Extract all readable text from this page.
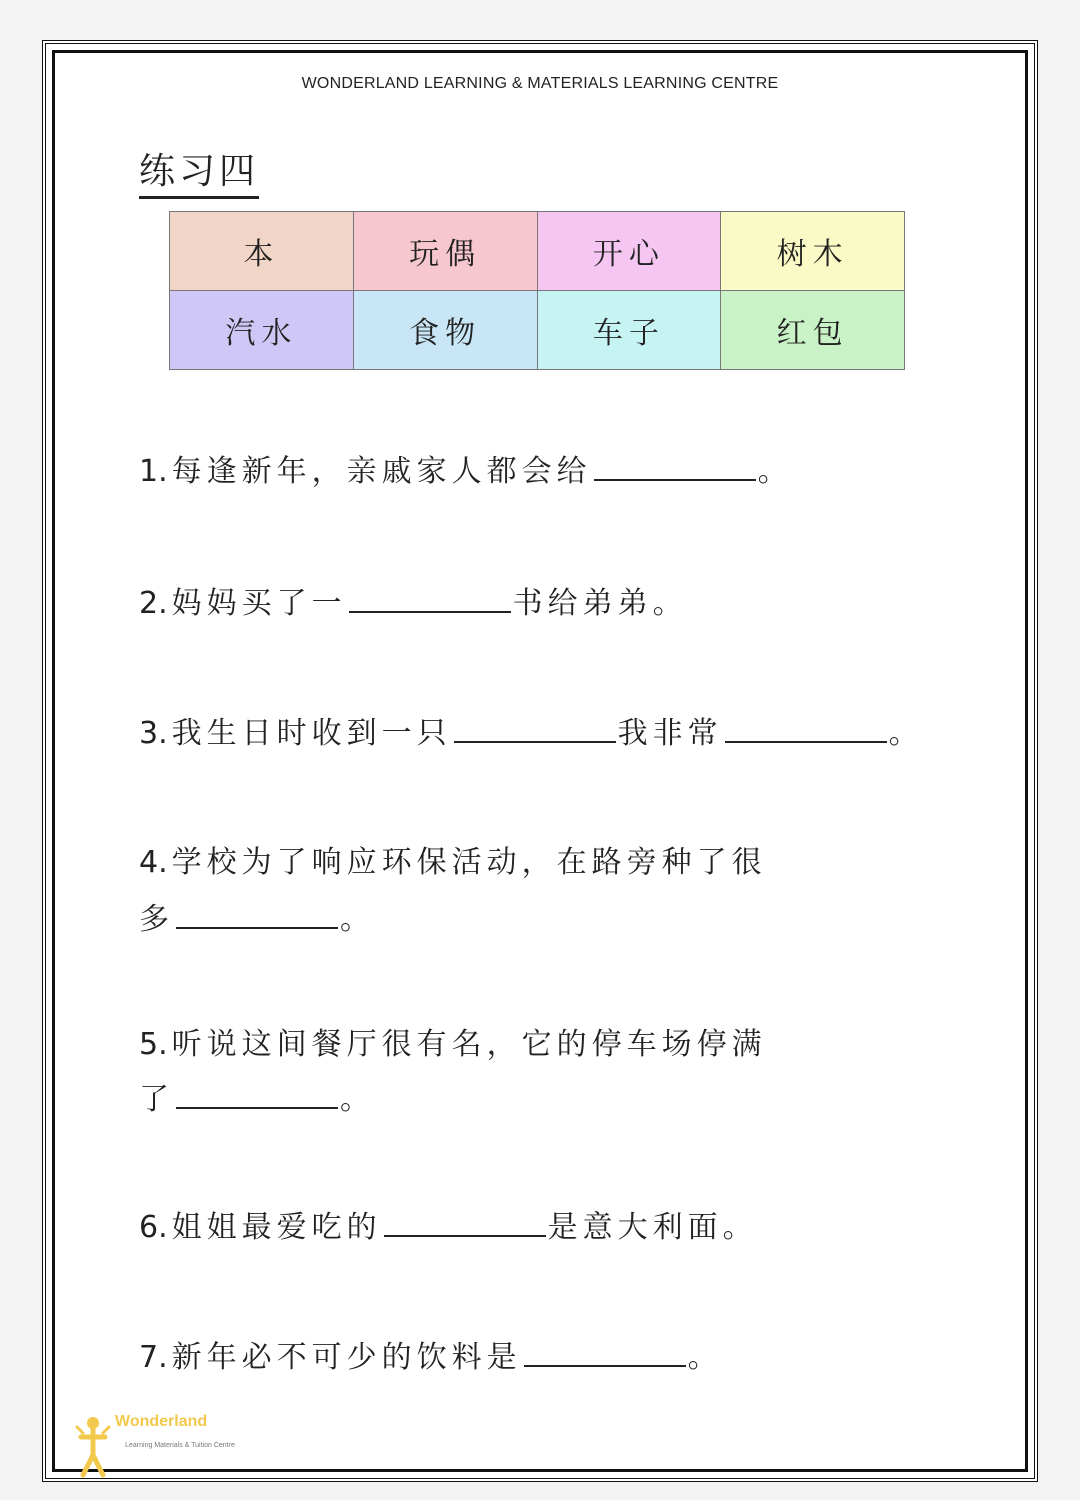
WONDERLAND LEARNING & MATERIALS LEARNING CENTRE
练习四
本	玩偶	开心	树木
汽水	食物	车子	红包
1. 每逢新年，亲戚家人都会给	。
2. 妈妈买了一	书给弟弟。
3. 我生日时收到一只	我非常	。
4. 学校为了响应环保活动，在路旁种了很
多	。
5. 听说这间餐厅很有名，它的停车场停满
了	。
6. 姐姐最爱吃的	是意大利面。
7. 新年必不可少的饮料是	。
Wonderland
Learning Materials & Tuition Centre
